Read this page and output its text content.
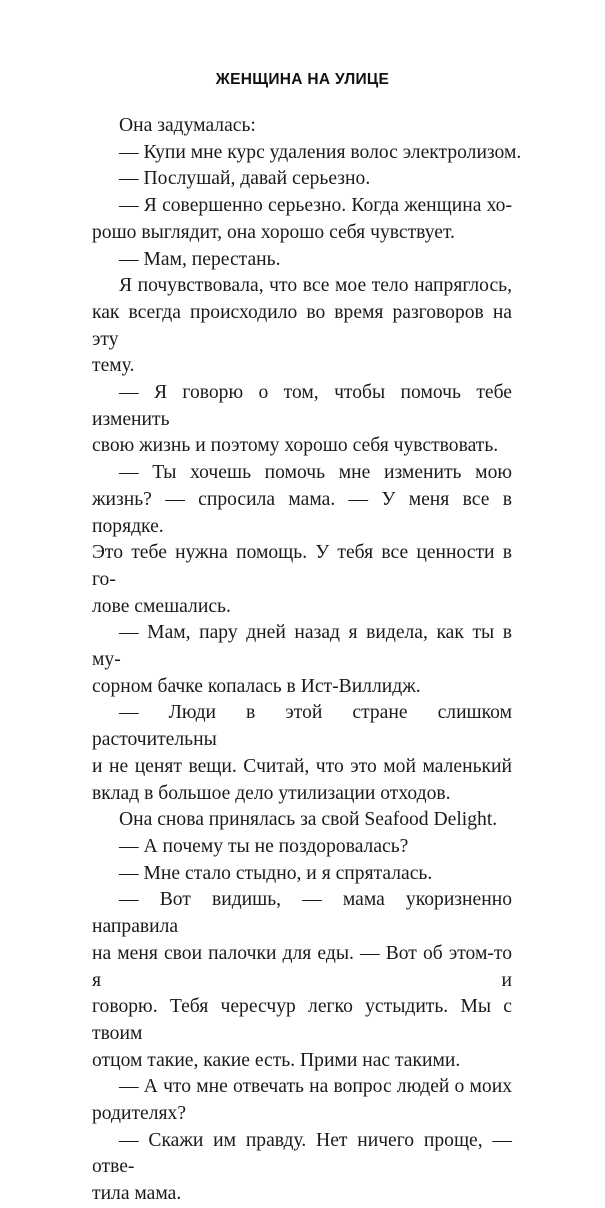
ЖЕНЩИНА НА УЛИЦЕ
Она задумалась:
— Купи мне курс удаления волос электролизом.
— Послушай, давай серьезно.
— Я совершенно серьезно. Когда женщина хо-
рошо выглядит, она хорошо себя чувствует.
— Мам, перестань.
Я почувствовала, что все мое тело напряглось,
как всегда происходило во время разговоров на эту
тему.
— Я говорю о том, чтобы помочь тебе изменить
свою жизнь и поэтому хорошо себя чувствовать.
— Ты хочешь помочь мне изменить мою
жизнь? — спросила мама. — У меня все в порядке.
Это тебе нужна помощь. У тебя все ценности в го-
лове смешались.
— Мам, пару дней назад я видела, как ты в му-
сорном бачке копалась в Ист-Виллидж.
— Люди в этой стране слишком расточительны
и не ценят вещи. Считай, что это мой маленький
вклад в большое дело утилизации отходов.
Она снова принялась за свой Seafood Delight.
— А почему ты не поздоровалась?
— Мне стало стыдно, и я спряталась.
— Вот видишь, — мама укоризненно направила
на меня свои палочки для еды. — Вот об этом-то я и
говорю. Тебя чересчур легко устыдить. Мы с твоим
отцом такие, какие есть. Прими нас такими.
— А что мне отвечать на вопрос людей о моих
родителях?
— Скажи им правду. Нет ничего проще, — отве-
тила мама.
